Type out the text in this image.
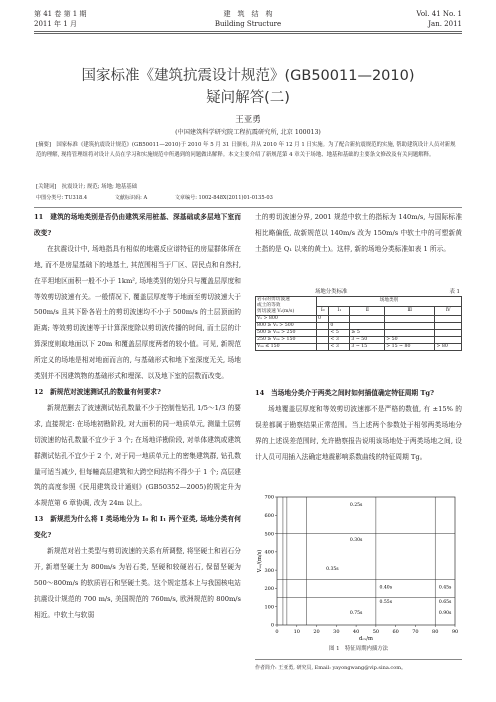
第 41 卷 第 1 期
2011 年 1 月
建　筑　结　构
Building Structure
Vol. 41 No. 1
Jan. 2011
国家标准《建筑抗震设计规范》(GB50011—2010)
疑问解答(二)
王亚勇
(中国建筑科学研究院工程抗震研究所, 北京 100013)
[摘要]　国家标准《建筑抗震设计规范》(GB50011—2010)于 2010 年 5 月 31 日颁布, 并从 2010 年 12 月 1 日实施。为了配合新抗震规范的实施, 帮助建筑设计人员对新规范的理解, 现将管理组将对设计人员在学习和实施规范中所遇到的问题做出解释。本文主要介绍了新规范第 4 章关于场地、地基和基础的主要条文修改及有关问题解释。
[关键词]　抗震设计; 规范; 场地; 地基基础
中图分类号: TU318.4	文献标识码: A	文章编号: 1002-848X(2011)01-0135-03

11　建筑的场地类别是否仍由建筑采用桩基、深基础或多层地下室而改变?

在抗震设计中, 场地指具有相似的地震反应谱特征的房屋群体所在地, 而不是房屋基础下的地基土, 其范围相当于厂区、居民点和自然村, 在平坦地区面积一般不小于 1km², 场地类别的划分只与覆盖层厚度和等效剪切波速有关。一般情况下, 覆盖层厚度等于地面至剪切波速大于 500m/s 且其下卧各岩土的剪切波速均不小于 500m/s 的土层顶面的距离; 等效剪切波速等于计算深度除以剪切波传播的时间, 而土层的计算深度则取地面以下 20m 和覆盖层厚度两者的较小值。可见, 新规范所定义的场地是相对地面而言的, 与基础形式和地下室深度无关, 场地类别并不因建筑物的基础形式和埋深、以及地下室的层数而改变。

12　新规范对波速测试孔的数量有何要求?

新规范删去了波速测试钻孔数量不少于控制性钻孔 1/5～1/3 的要求, 直接规定: 在场地初勘阶段, 对大面积的同一地质单元, 测量土层剪切波速的钻孔数量不宜少于 3 个; 在场地详勘阶段, 对单体建筑或建筑群测试钻孔不宜少于 2 个, 对于同一地质单元上的密集建筑群, 钻孔数量可适当减少, 但每幢高层建筑和大跨空间结构不得少于 1 个; 高层建筑的高度参照《民用建筑设计通则》(GB50352—2005)的规定升为本规范第 6 章协调, 改为 24m 以上。

13　新规范为什么将 Ⅰ 类场地分为 Ⅰ₀ 和 Ⅰ₁ 两个亚类, 场地分类有何变化?

新规范对岩土类型与剪切波速的关系有所调整, 将坚硬土和岩石分开, 新增坚硬土为 800m/s 为岩石类, 坚硬和较硬岩石, 保留坚硬为 500～800m/s 的软质岩石和坚硬土类。这个规定基本上与我国核电站抗震设计规范的 700 m/s, 美国规范的 760m/s, 欧洲规范的 800m/s 相近。中软土与软弱

土的剪切波速分界, 2001 规范中软土的指标为 140m/s, 与国际标准相比略偏低, 故新规范以 140m/s 改为 150m/s 中软土中的可塑新黄土指的是 Q₁ 以来的黄土)。这样, 新的场地分类标准如表 1 所示。

场地分类标准	表 1
岩石的剪切波速
或土的等效
剪切波速 Vₛ(m/s)	场地类别				
	Ⅰ₀	Ⅰ₁	Ⅱ	Ⅲ	Ⅳ
Vₛ > 800	0				
800 ≥ Vₛ > 500		0			
500 ≥ Vₛₑ > 250		< 5	≥ 5		
250 ≥ Vₛₑ > 150		< 3	3 ~ 50	> 50	
Vₛₑ ≤ 150		< 3	3 ~ 15	> 15 ~ 80	> 80

14　当场地分类介于两类之间时如何插值确定特征周期 Tg?

场地覆盖层厚度和等效剪切波速都不是严格的数值, 有 ±15% 的误差都属于勘察结果正常范围。当上述两个参数处于相邻两类场地分界的上述误差范围时, 允许勘察报告说明该场地处于两类场地之间, 设计人员可用插入法确定地震影响系数曲线的特征周期 Tg。

0	10	20	30	40	50	60	70	80	90
0
100
200
300
400
500
600
700
dₒᵥ/m
Vₛₑ/(m/s)
0.25s
0.30s
0.35s
0.40s	0.45s
0.55s	0.65s
0.75s	0.90s
图 1　特征周期内插方法
作者简介: 王亚勇, 研究员, Email: yayongwang@vip.sina.com。
